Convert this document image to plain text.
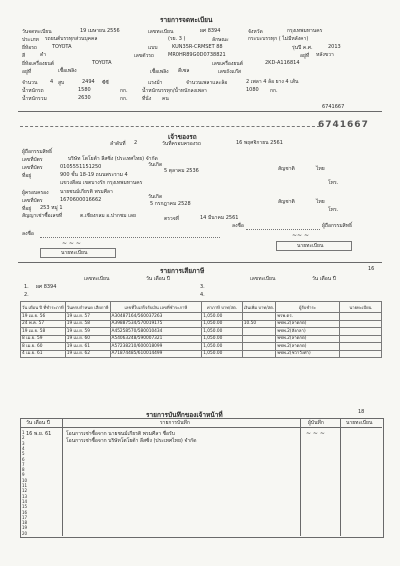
รายการจดทะเบียน
วันจดทะเบียน	19 เมษายน 2556	เลขทะเบียน	ผศ 8394	จังหวัด	กรุงเทพมหานคร
ประเภท รถยนต์บรรทุกส่วนบุคคล	(รย. 3 )	ลักษณะ	กระบะบรรทุก ( ไม่มีหลังคา)
ยี่ห้อรถ	TOYOTA	แบบ	KUN35R-CRMSET 88	รุ่นปี ค.ศ.	2013
สี	ดำ	เลขตัวรถ	MR0HR89G0D0738821	อยู่ที่ หลังขวา
ยี่ห้อเครื่องยนต์	TOYOTA	เลขเครื่องยนต์	2KD-A116814
อยู่ที่	เชื้อเพลิง	เชื้อเพลิง ดีเซล	เลขถังแก๊ส
จำนวน	4 สูบ	2494 ซีซี	แรงม้า	จำนวนเพลาและล้อ	2 เพลา 4 ล้อ ยาง 4 เส้น
น้ำหนักรถ	1580	กก.	น้ำหนักบรรทุก/น้ำหนักลงเพลา	1080 กก.
น้ำหนักรวม	2630	กก.	ที่นั่ง คน
6741667
6741667
เจ้าของรถ
ลำดับที่ 2	วันที่ครอบครองรถ	16 พฤศจิกายน 2561
ผู้ถือกรรมสิทธิ์
เลขที่บัตร	บริษัท โตโยต้า ลีสซิ่ง (ประเทศไทย) จำกัด
เลขที่บัตร	0105551151250	วันเกิด
5 ตุลาคม 2536	สัญชาติ	ไทย
ที่อยู่	900 ชั้น 18-19 ถนนพระราม 4
แขวงสีลม เขตบางรัก กรุงเทพมหานคร	โทร.
ผู้ครอบครอง นายชนม์เกียรติ พรมศีลา
เลขที่บัตร	1670600016662	วันเกิด
5 กรกฎาคม 2528	สัญชาติ	ไทย
ที่อยู่ 253 หมู่ 1	โทร.
สัญญาเช่าซื้อเลขที่	ต.เชียงกลม อ.ปากชม เลย	ตรวจที่	14 มีนาคม 2561
ลงชื่อ	ผู้ถือกรรมสิทธิ์
ลงชื่อ
~ ~ ~
นายทะเบียน
~~ ~
นายทะเบียน
รายการเสียภาษี	16
เลขทะเบียน	วัน เดือน ปี	เลขทะเบียน	วัน เดือน ปี
1. ผศ 8394	3.
2.	4.
วัน เดือน ปี ที่ชำระภาษี	วันครบกำหนด เสียภาษี	เลขที่ใบเสร็จรับเงิน เลขที่ชำระภาษี	ค่าภาษี บาท/สต.	เงินเพิ่ม บาท/สต.	ผู้รับชำระ	นายทะเบียน
19 เม.ย. 56	19 เม.ย. 57	A30487164/560037263	1,050.00		พรพ.ดร.	
24 พ.ค. 57	19 เม.ย. 58	A39887534/570019175	1,050.00	10.50	พชพ.2(ลาดกต)	
19 เม.ย. 58	19 เม.ย. 59	A45258570/580010434	1,050.00		พชพ.2(สังกลา)	
8 เม.ย. 59	19 เม.ย. 60	A54063248/590007321	1,050.00		พชพ.2(ลาดกต)	
8 เม.ย. 60	19 เม.ย. 61	A57238210/600018099	1,050.00		พชพ.2(ลาดกต)	
4 เม.ย. 61	19 เม.ย. 62	A71874485/610014499	1,050.00		พชพ.2(ชวาวังศา)	
รายการบันทึกของเจ้าหน้าที่	18
วัน เดือน ปี	รายการบันทึก	ผู้บันทึก	นายทะเบียน
16 พ.ย. 61	โอนการเช่าซื้อจาก นายชนม์เกียรติ พรมศีลา ชื่อรับ
โอนการเช่าซื้อจาก บริษัทโตโยต้า ลีสซิ่ง (ประเทศไทย) จำกัด
~ ~ ~
1
2
3
4
5
6
7
8
9
10
11
12
13
14
15
16
17
18
19
20
